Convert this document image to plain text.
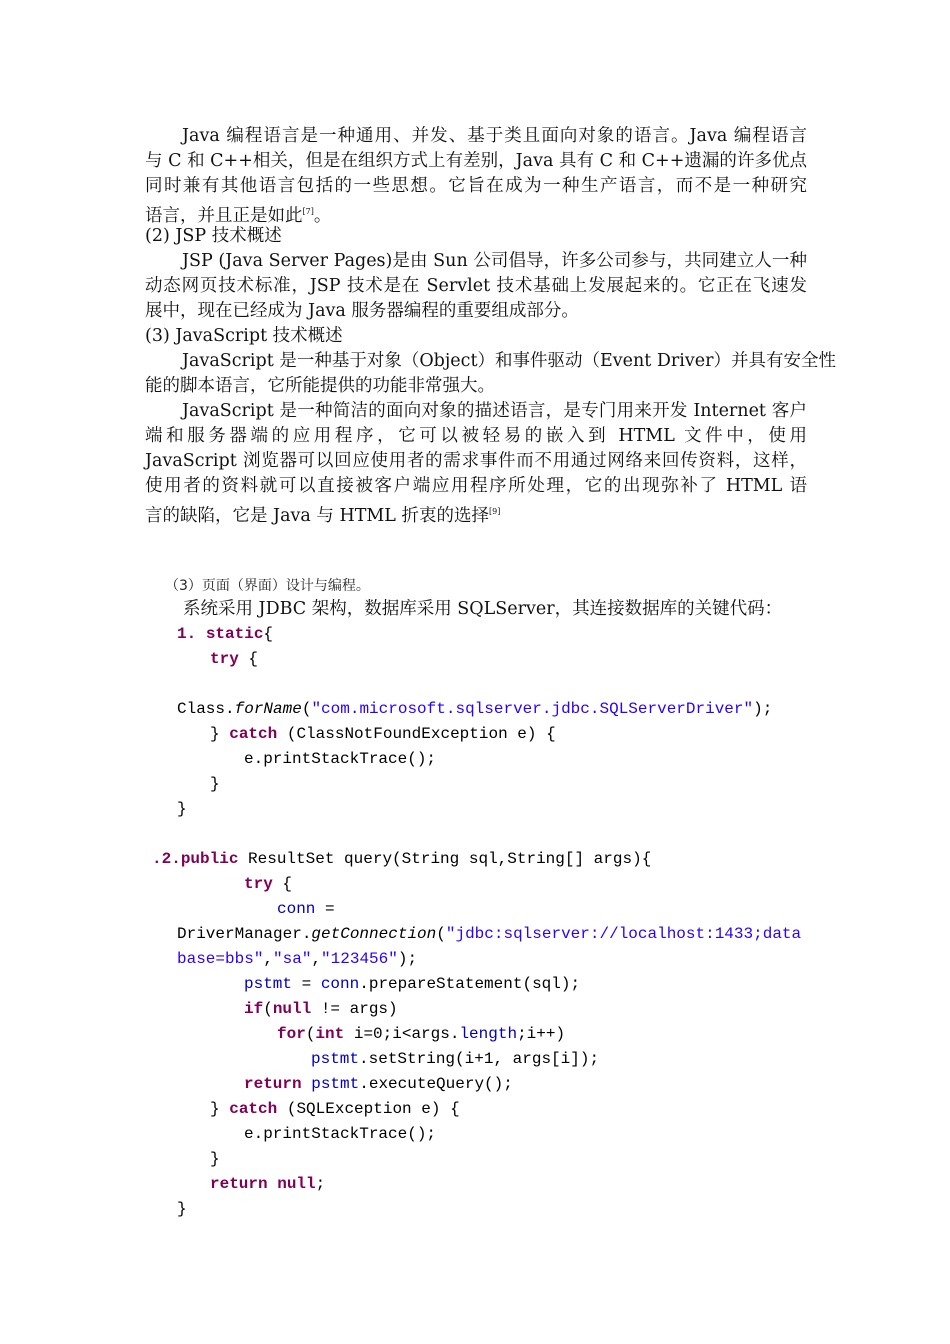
Java 编程语言是一种通用、并发、基于类且面向对象的语言。Java 编程语言
与 C 和 C++相关，但是在组织方式上有差别，Java 具有 C 和 C++遗漏的许多优点
同时兼有其他语言包括的一些思想。它旨在成为一种生产语言，而不是一种研究
语言，并且正是如此[7]。
(2) JSP 技术概述
JSP (Java Server Pages)是由 Sun 公司倡导，许多公司参与，共同建立人一种
动态网页技术标准，JSP 技术是在 Servlet 技术基础上发展起来的。它正在飞速发
展中，现在已经成为 Java 服务器编程的重要组成部分。
(3) JavaScript 技术概述
JavaScript 是一种基于对象（Object）和事件驱动（Event Driver）并具有安全性
能的脚本语言，它所能提供的功能非常强大。
JavaScript 是一种简洁的面向对象的描述语言，是专门用来开发 Internet 客户
端和服务器端的应用程序，它可以被轻易的嵌入到 HTML 文件中，使用
JavaScript 浏览器可以回应使用者的需求事件而不用通过网络来回传资料，这样，
使用者的资料就可以直接被客户端应用程序所处理，它的出现弥补了 HTML 语
言的缺陷，它是 Java 与 HTML 折衷的选择[9]
（3）页面（界面）设计与编程。
系统采用 JDBC 架构，数据库采用 SQLServer，其连接数据库的关键代码：
1. static{
try {
Class.forName("com.microsoft.sqlserver.jdbc.SQLServerDriver");
} catch (ClassNotFoundException e) {
e.printStackTrace();
}
}
.2.public ResultSet query(String sql,String[] args){
try {
conn =
DriverManager.getConnection("jdbc:sqlserver://localhost:1433;data
base=bbs","sa","123456");
pstmt = conn.prepareStatement(sql);
if(null != args)
for(int i=0;i<args.length;i++)
pstmt.setString(i+1, args[i]);
return pstmt.executeQuery();
} catch (SQLException e) {
e.printStackTrace();
}
return null;
}
